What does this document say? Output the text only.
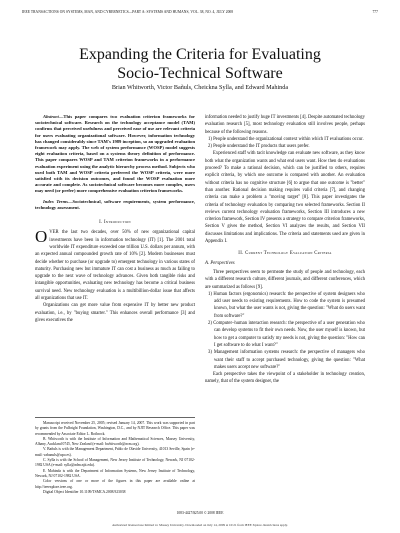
IEEE TRANSACTIONS ON SYSTEMS, MAN, AND CYBERNETICS—PART A: SYSTEMS AND HUMANS, VOL. 38, NO. 4, JULY 2008	777
Expanding the Criteria for Evaluating
Socio-Technical Software
Brian Whitworth, Victor Bañuls, Cheickna Sylla, and Edward Mahinda

Abstract—This paper compares two evaluation criterion frameworks for sociotechnical software. Research on the technology acceptance model (TAM) confirms that perceived usefulness and perceived ease of use are relevant criteria for users evaluating organizational software. However, information technology has changed considerably since TAM's 1989 inception, so an upgraded evaluation framework may apply. The web of system performance (WOSP) model suggests eight evaluation criteria, based on a systems theory definition of performance. This paper compares WOSP and TAM criterion frameworks in a performance evaluation experiment using the analytic hierarchy process method. Subjects who used both TAM and WOSP criteria preferred the WOSP criteria, were more satisfied with its decision outcomes, and found the WOSP evaluation more accurate and complete. As sociotechnical software becomes more complex, users may need (or prefer) more comprehensive evaluation criterion frameworks.

Index Terms—Sociotechnical, software requirements, system performance, technology assessment.

I. Introduction

OVER the last two decades, over 50% of new organizational capital investments have been in information technology (IT) [1]. The 2001 total worldwide IT expenditure exceeded one trillion U.S. dollars per annum, with an expected annual compounded growth rate of 10% [2]. Modern businesses must decide whether to purchase (or upgrade to) emergent technology in various states of maturity. Purchasing new but immature IT can cost a business as much as failing to upgrade to the next wave of technology advances. Given both tangible risks and intangible opportunities, evaluating new technology has become a critical business survival need. New technology evaluation is a multibillion-dollar issue that affects all organizations that use IT.

Organizations can get more value from expensive IT by better new product evaluation, i.e., by "buying smarter." This enhances overall performance [3] and gives executives the

Manuscript received November 25, 2005; revised January 14, 2007. This work was supported in part by grants from the Fulbright Foundation, Washington, D.C., and by NJIT Research Office. This paper was recommended by Associate Editor L. Rothrock.

B. Whitworth is with the Institute of Information and Mathematical Sciences, Massey University, Albany, Auckland 0745, New Zealand (e-mail: bwhitworth@acm.org).

V. Bañuls is with the Management Department, Pablo de Olavide University, 41013 Seville, Spain (e-mail: vabanuls@upo.es).

C. Sylla is with the School of Management, New Jersey Institute of Technology, Newark, NJ 07102-1982 USA (e-mail: sylla@adm.njit.edu).

E. Mahinda is with the Department of Information Systems, New Jersey Institute of Technology, Newark, NJ 07102-1982 USA.

Color versions of one or more of the figures in this paper are available online at http://ieeexplore.ieee.org.

Digital Object Identifier 10.1109/TSMCA.2008.923038

information needed to justify huge IT investments [4]. Despite automated technology evaluation research [5], most technology evaluation still involves people, perhaps because of the following reasons.

1) People understand the organizational context within which IT evaluations occur.
2) People understand the IT products that users prefer.

Experienced staff with tacit knowledge can evaluate new software, as they know both what the organization wants and what end users want. How then do evaluations proceed? To make a rational decision, which can be justified to others, requires explicit criteria, by which one outcome is compared with another. An evaluation without criteria has no cognitive structure [6] to argue that one outcome is "better" than another. Rational decision making requires valid criteria [7], and changing criteria can make a problem a "moving target" [8]. This paper investigates the criteria of technology evaluation by comparing two selected frameworks. Section II reviews current technology evaluation frameworks, Section III introduces a new criterion framework, Section IV presents a strategy to compare criterion frameworks, Section V gives the method, Section VI analyzes the results, and Section VII discusses limitations and implications. The criteria and statements used are given in Appendix I.

II. Current Technology Evaluation Criteria

A. Perspectives

Three perspectives seem to permeate the study of people and technology, each with a different research culture, different journals, and different conferences, which are summarized as follows [9].

1) Human factors (ergonomics) research: the perspective of system designers who add user needs to existing requirements. How to code the system is presumed known, but what the user wants is not, giving the question: "What do users want from software?"
2) Computer–human interaction research: the perspective of a user generation who can develop systems to fit their own needs. Now, the user myself is known, but how to get a computer to satisfy my needs is not, giving the question: "How can I get software to do what I want?"
3) Management information systems research: the perspective of managers who want their staff to accept purchased technology, giving the question: "What makes users accept new software?"

Each perspective takes the viewpoint of a stakeholder in technology creation, namely, that of the system designer, the

1083-4427/$25.00 © 2008 IEEE
Authorized licensed use limited to: Massey University. Downloaded on July 14, 2009 at 10:21 from IEEE Xplore. Restrictions apply.
